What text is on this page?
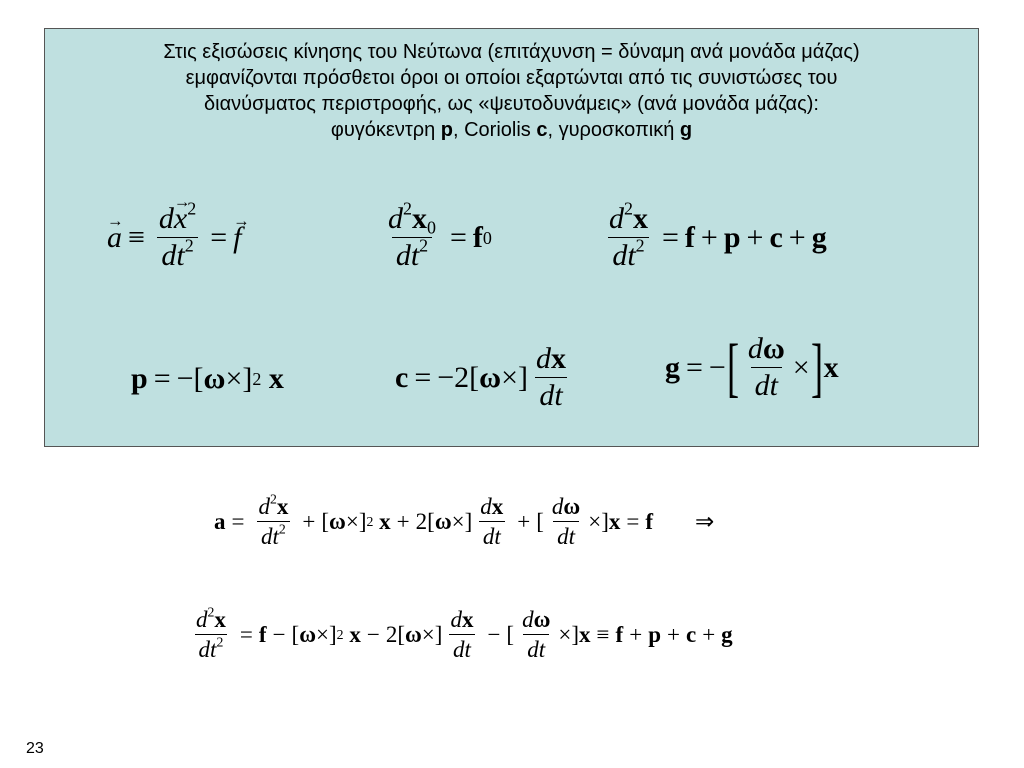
Στις εξισώσεις κίνησης του Νεύτωνα (επιτάχυνση = δύναμη ανά μονάδα μάζας)
εμφανίζονται πρόσθετοι όροι οι οποίοι εξαρτώνται από τις συνιστώσες του
διανύσματος περιστροφής, ως «ψευτοδυνάμεις» (ανά μονάδα μάζας):
φυγόκεντρη p, Coriolis c, γυροσκοπική g
→ $a \equiv \frac{d\to x^2}{dt^2}$ =
→ f	$\frac{d^2x_0}{dt^2} = f$ 0	$\frac{d^2x}{dt^2} = f + p + c + g$
p = −[ ω ×] 2
x	c = −2[ ω ×] $\frac{dx}{dt}$	g = − [ $\frac{d\omega}{dt}$ × ] x
$a = \frac{d^2x}{dt^2}$ + [ ω ×] 2
x + 2[ ω ×] $\frac{dx}{dt}$ + [ $\frac{d\omega}{dt}$ ×] x = f ⇒
$\frac{d^2x}{dt^2} = f$ − [ ω ×] 2
x − 2[ ω ×] $\frac{dx}{dt}$ − [ $\frac{d\omega}{dt}$ ×] x ≡ f + p + c + g
23
